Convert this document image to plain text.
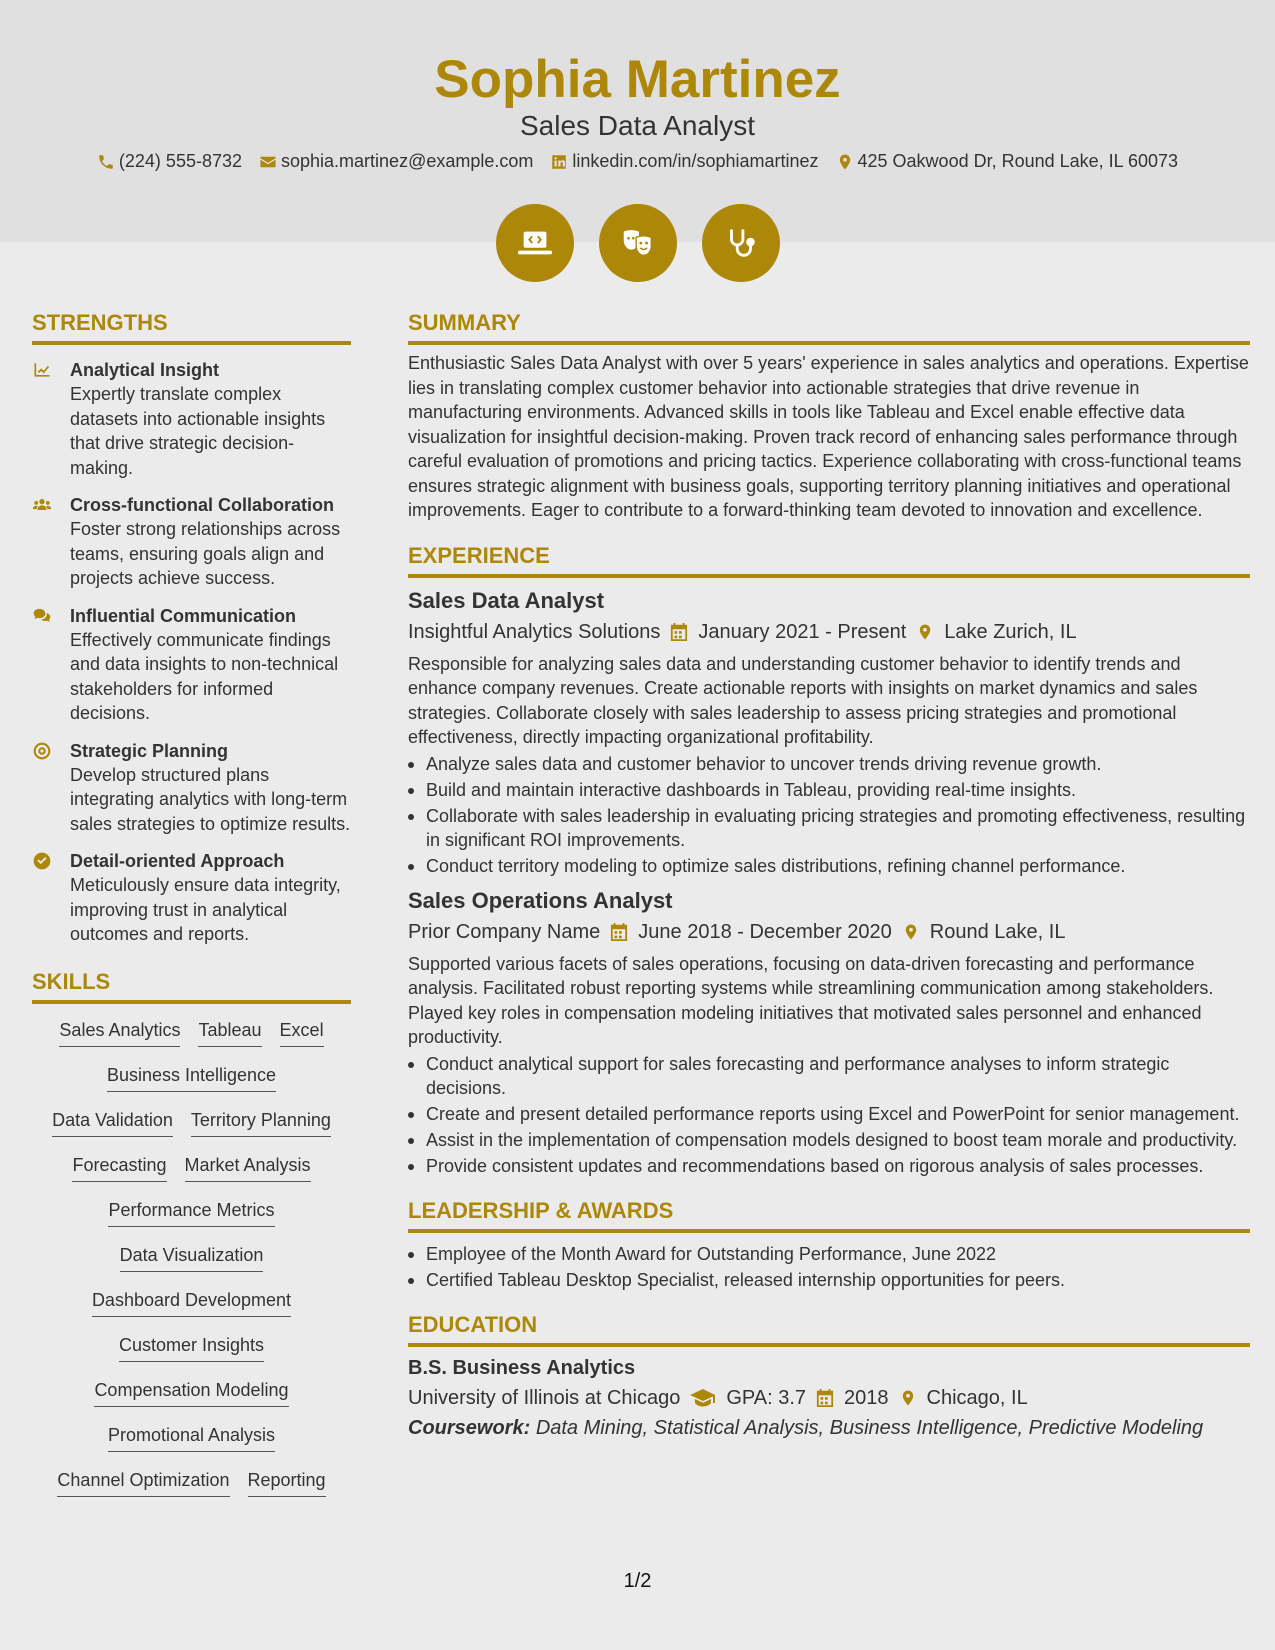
Sophia Martinez
Sales Data Analyst
(224) 555-8732 sophia.martinez@example.com linkedin.com/in/sophiamartinez 425 Oakwood Dr, Round Lake, IL 60073
STRENGTHS
Analytical Insight
Expertly translate complex datasets into actionable insights that drive strategic decision-making.
Cross-functional Collaboration
Foster strong relationships across teams, ensuring goals align and projects achieve success.
Influential Communication
Effectively communicate findings and data insights to non-technical stakeholders for informed decisions.
Strategic Planning
Develop structured plans integrating analytics with long-term sales strategies to optimize results.
Detail-oriented Approach
Meticulously ensure data integrity, improving trust in analytical outcomes and reports.
SKILLS
Sales Analytics Tableau Excel
Business Intelligence
Data Validation Territory Planning
Forecasting Market Analysis
Performance Metrics
Data Visualization
Dashboard Development
Customer Insights
Compensation Modeling
Promotional Analysis
Channel Optimization Reporting
SUMMARY
Enthusiastic Sales Data Analyst with over 5 years' experience in sales analytics and operations. Expertise lies in translating complex customer behavior into actionable strategies that drive revenue in manufacturing environments. Advanced skills in tools like Tableau and Excel enable effective data visualization for insightful decision-making. Proven track record of enhancing sales performance through careful evaluation of promotions and pricing tactics. Experience collaborating with cross-functional teams ensures strategic alignment with business goals, supporting territory planning initiatives and operational improvements. Eager to contribute to a forward-thinking team devoted to innovation and excellence.
EXPERIENCE
Sales Data Analyst
Insightful Analytics Solutions January 2021 - Present Lake Zurich, IL
Responsible for analyzing sales data and understanding customer behavior to identify trends and enhance company revenues. Create actionable reports with insights on market dynamics and sales strategies. Collaborate closely with sales leadership to assess pricing strategies and promotional effectiveness, directly impacting organizational profitability.
Analyze sales data and customer behavior to uncover trends driving revenue growth.
Build and maintain interactive dashboards in Tableau, providing real-time insights.
Collaborate with sales leadership in evaluating pricing strategies and promoting effectiveness, resulting in significant ROI improvements.
Conduct territory modeling to optimize sales distributions, refining channel performance.
Sales Operations Analyst
Prior Company Name June 2018 - December 2020 Round Lake, IL
Supported various facets of sales operations, focusing on data-driven forecasting and performance analysis. Facilitated robust reporting systems while streamlining communication among stakeholders. Played key roles in compensation modeling initiatives that motivated sales personnel and enhanced productivity.
Conduct analytical support for sales forecasting and performance analyses to inform strategic decisions.
Create and present detailed performance reports using Excel and PowerPoint for senior management.
Assist in the implementation of compensation models designed to boost team morale and productivity.
Provide consistent updates and recommendations based on rigorous analysis of sales processes.
LEADERSHIP & AWARDS
Employee of the Month Award for Outstanding Performance, June 2022
Certified Tableau Desktop Specialist, released internship opportunities for peers.
EDUCATION
B.S. Business Analytics
University of Illinois at Chicago GPA: 3.7 2018 Chicago, IL
Coursework: Data Mining, Statistical Analysis, Business Intelligence, Predictive Modeling
1/2
